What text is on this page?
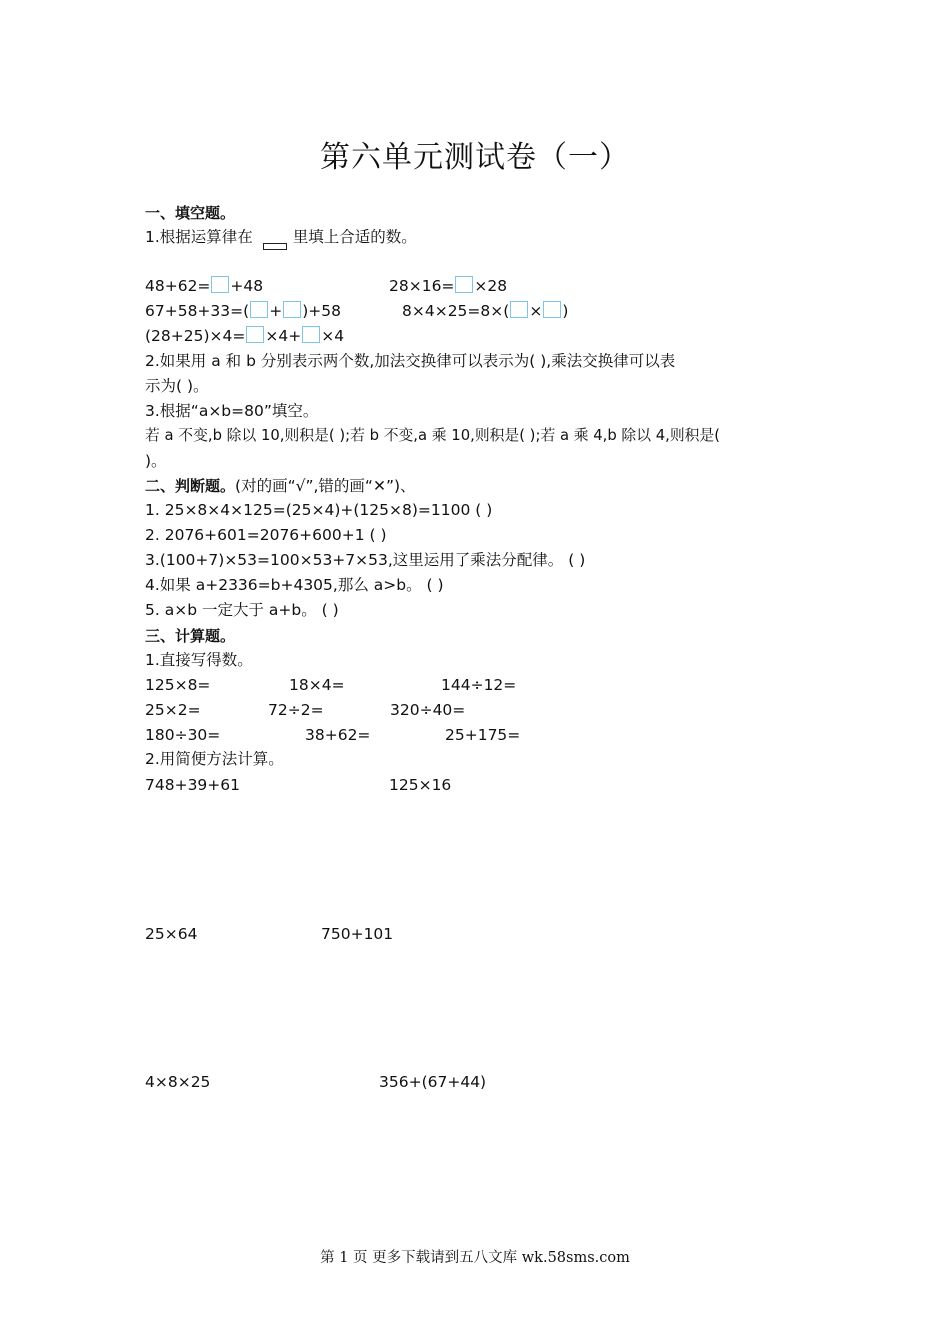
第六单元测试卷（一）
一、填空题。
1.根据运算律在	里填上合适的数。
48+62= +48	28×16= ×28
67+58+33=( + )+58	8×4×25=8×( × )
(28+25)×4= ×4+ ×4
2.如果用 a 和 b 分别表示两个数,加法交换律可以表示为( ),乘法交换律可以表
示为( )。
3.根据“a×b=80”填空。
若 a 不变,b 除以 10,则积是( );若 b 不变,a 乘 10,则积是( );若 a 乘 4,b 除以 4,则积是(
)。
二、判断题。(对的画“√”,错的画“✕”)、
1. 25×8×4×125=(25×4)+(125×8)=1100 ( )
2. 2076+601=2076+600+1 ( )
3.(100+7)×53=100×53+7×53,这里运用了乘法分配律。 ( )
4.如果 a+2336=b+4305,那么 a>b。 ( )
5. a×b 一定大于 a+b。 ( )
三、计算题。
1.直接写得数。
125×8=	18×4=	144÷12=
25×2=	72÷2=	320÷40=
180÷30=	38+62=	25+175=
2.用简便方法计算。
748+39+61	125×16
25×64	750+101
4×8×25	356+(67+44)
第 1 页 更多下载请到五八文库 wk.58sms.com
